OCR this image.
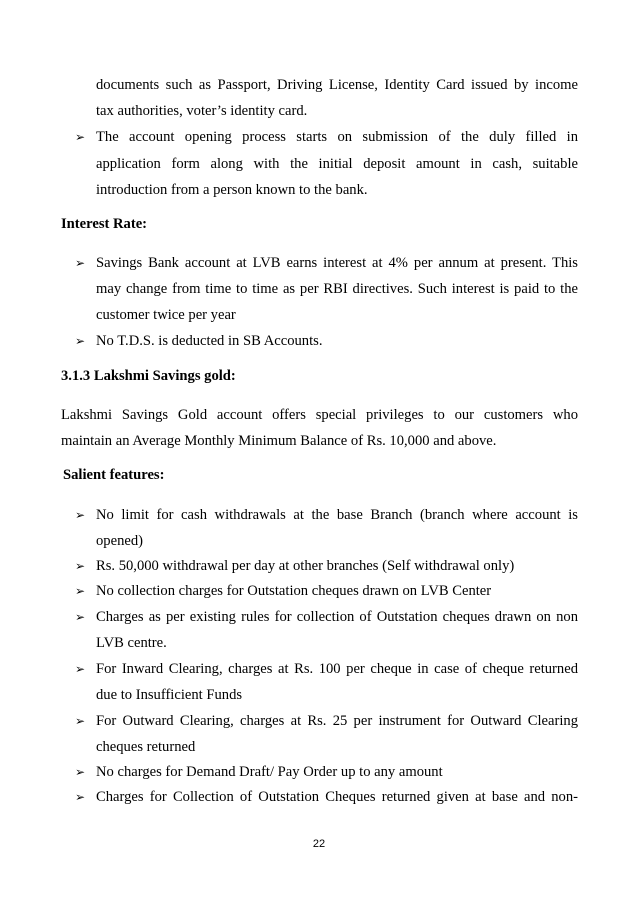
documents such as Passport, Driving License, Identity Card issued by income
tax authorities, voter’s identity card.
➢ The account opening process starts on submission of the duly filled in
application form along with the initial deposit amount in cash, suitable
introduction from a person known to the bank.
Interest Rate:
➢ Savings Bank account at LVB earns interest at 4% per annum at present. This
may change from time to time as per RBI directives. Such interest is paid to the
customer twice per year
➢ No T.D.S. is deducted in SB Accounts.
3.1.3 Lakshmi Savings gold:
Lakshmi Savings Gold account offers special privileges to our customers who
maintain an Average Monthly Minimum Balance of Rs. 10,000 and above.
Salient features:
➢ No limit for cash withdrawals at the base Branch (branch where account is
opened)
➢ Rs. 50,000 withdrawal per day at other branches (Self withdrawal only)
➢ No collection charges for Outstation cheques drawn on LVB Center
➢ Charges as per existing rules for collection of Outstation cheques drawn on non
LVB centre.
➢ For Inward Clearing, charges at Rs. 100 per cheque in case of cheque returned
due to Insufficient Funds
➢ For Outward Clearing, charges at Rs. 25 per instrument for Outward Clearing
cheques returned
➢ No charges for Demand Draft/ Pay Order up to any amount
➢ Charges for Collection of Outstation Cheques returned given at base and non-
22
